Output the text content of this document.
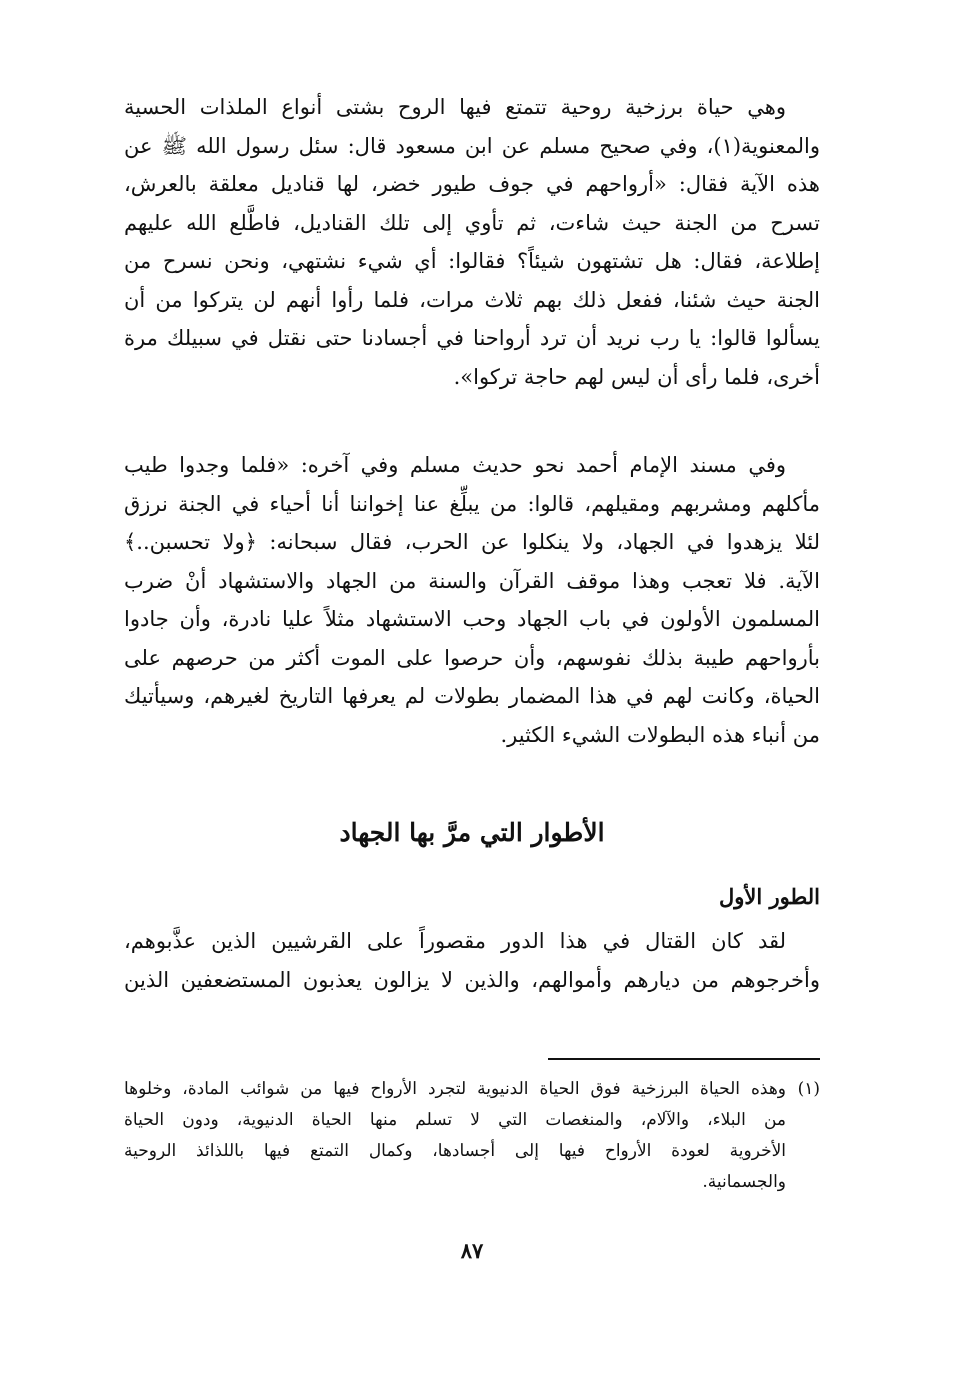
وهي حياة برزخية روحية تتمتع فيها الروح بشتى أنواع الملذات الحسية
والمعنوية(١)، وفي صحيح مسلم عن ابن مسعود قال: سئل رسول الله ﷺ عن
هذه الآية فقال: «أرواحهم في جوف طيور خضر، لها قناديل معلقة بالعرش،
تسرح من الجنة حيث شاءت، ثم تأوي إلى تلك القناديل، فاطَّلع الله عليهم
إطلاعة، فقال: هل تشتهون شيئاً؟ فقالوا: أي شيء نشتهي، ونحن نسرح من
الجنة حيث شئنا، ففعل ذلك بهم ثلاث مرات، فلما رأوا أنهم لن يتركوا من أن
يسألوا قالوا: يا رب نريد أن ترد أرواحنا في أجسادنا حتى نقتل في سبيلك مرة
أخرى، فلما رأى أن ليس لهم حاجة تركوا».
وفي مسند الإمام أحمد نحو حديث مسلم وفي آخره: «فلما وجدوا طيب
مأكلهم ومشربهم ومقيلهم، قالوا: من يبلِّغ عنا إخواننا أنا أحياء في الجنة نرزق
لئلا يزهدوا في الجهاد، ولا ينكلوا عن الحرب، فقال سبحانه: ﴿ولا تحسبن..﴾
الآية. فلا تعجب وهذا موقف القرآن والسنة من الجهاد والاستشهاد أنْ ضرب
المسلمون الأولون في باب الجهاد وحب الاستشهاد مثلاً عليا نادرة، وأن جادوا
بأرواحهم طيبة بذلك نفوسهم، وأن حرصوا على الموت أكثر من حرصهم على
الحياة، وكانت لهم في هذا المضمار بطولات لم يعرفها التاريخ لغيرهم، وسيأتيك
من أنباء هذه البطولات الشيء الكثير.
الأطوار التي مرَّ بها الجهاد
الطور الأول
لقد كان القتال في هذا الدور مقصوراً على القرشيين الذين عذَّبوهم،
وأخرجوهم من ديارهم وأموالهم، والذين لا يزالون يعذبون المستضعفين الذين
(١)وهذه الحياة البرزخية فوق الحياة الدنيوية لتجرد الأرواح فيها من شوائب المادة، وخلوها
من البلاء، والآلام، والمنغصات التي لا تسلم منها الحياة الدنيوية، ودون الحياة
الأخروية لعودة الأرواح فيها إلى أجسادها، وكمال التمتع فيها باللذائذ الروحية
والجسمانية.
٨٧
